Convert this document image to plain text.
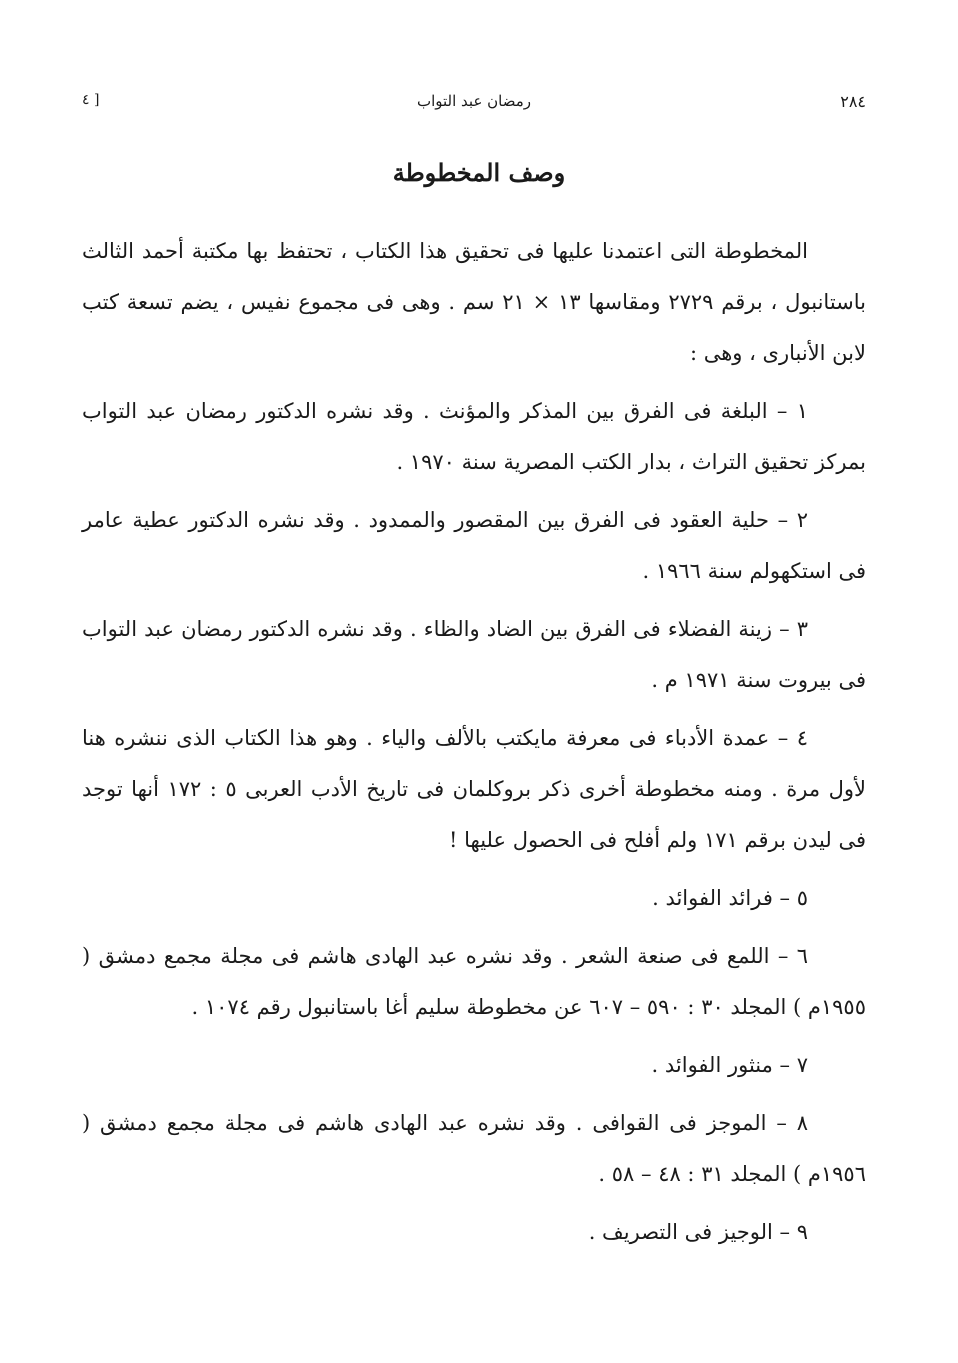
٢٨٤
رمضان عبد التواب
[ ٤
وصف المخطوطة

المخطوطة التى اعتمدنا عليها فى تحقيق هذا الكتاب ، تحتفظ بها مكتبة أحمد الثالث باستانبول ، برقم ٢٧٢٩ ومقاسها ١٣ × ٢١ سم . وهى فى مجموع نفيس ، يضم تسعة كتب لابن الأنبارى ، وهى :

١ – البلغة فى الفرق بين المذكر والمؤنث . وقد نشره الدكتور رمضان عبد التواب بمركز تحقيق التراث ، بدار الكتب المصرية سنة ١٩٧٠ .

٢ – حلية العقود فى الفرق بين المقصور والممدود . وقد نشره الدكتور عطية عامر فى استكهولم سنة ١٩٦٦ .

٣ – زينة الفضلاء فى الفرق بين الضاد والظاء . وقد نشره الدكتور رمضان عبد التواب فى بيروت سنة ١٩٧١ م .

٤ – عمدة الأدباء فى معرفة مايكتب بالألف والياء . وهو هذا الكتاب الذى ننشره هنا لأول مرة . ومنه مخطوطة أخرى ذكر بروكلمان فى تاريخ الأدب العربى ٥ : ١٧٢ أنها توجد فى ليدن برقم ١٧١ ولم أفلح فى الحصول عليها !

٥ – فرائد الفوائد .

٦ – اللمع فى صنعة الشعر . وقد نشره عبد الهادى هاشم فى مجلة مجمع دمشق ( ١٩٥٥م ) المجلد ٣٠ : ٥٩٠ – ٦٠٧ عن مخطوطة سليم أغا باستانبول رقم ١٠٧٤ .

٧ – منثور الفوائد .

٨ – الموجز فى القوافى . وقد نشره عبد الهادى هاشم فى مجلة مجمع دمشق ( ١٩٥٦م ) المجلد ٣١ : ٤٨ – ٥٨ .

٩ – الوجيز فى التصريف .
